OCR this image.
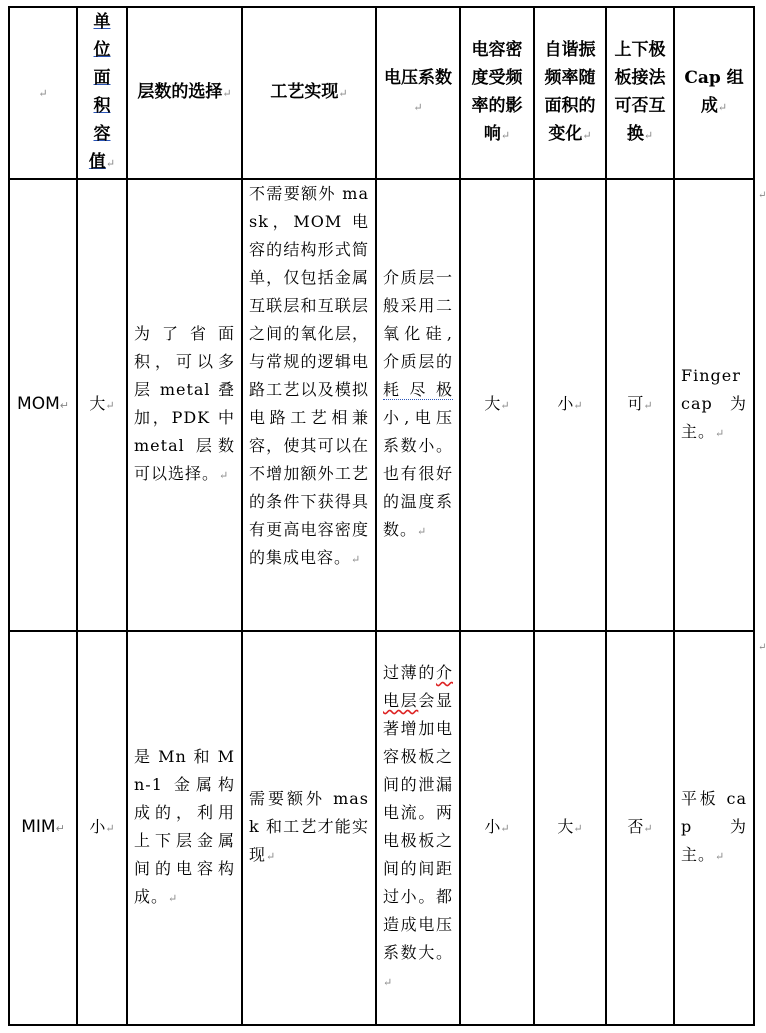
↵	单位面积容值↵	层数的选择↵	工艺实现↵	电压系数↵	电容密度受频率的影响↵	自谐振频率随面积的变化↵	上下极板接法可否互换↵	Cap 组成↵
MOM↵	大↵	为了省面积，可以多层 metal 叠加，PDK 中 metal 层数可以选择。↵	不需要额外 mask，MOM 电容的结构形式简单，仅包括金属互联层和互联层之间的氧化层，与常规的逻辑电路工艺以及模拟电路工艺相兼容，使其可以在不增加额外工艺的条件下获得具有更高电容密度的集成电容。↵	介质层一般采用二氧化硅,介质层的耗尽极小,电压系数小。也有很好的温度系数。↵	大↵	小↵	可↵	Finger cap 为主。↵
MIM↵	小↵	是 Mn 和 Mn-1 金属构成的，利用上下层金属间的电容构成。↵	需要额外 mask 和工艺才能实现↵	过薄的介电层会显著增加电容极板之间的泄漏电流。两电极板之间的间距过小。都造成电压系数大。↵	小↵	大↵	否↵	平板 cap 为主。↵
↵
↵
